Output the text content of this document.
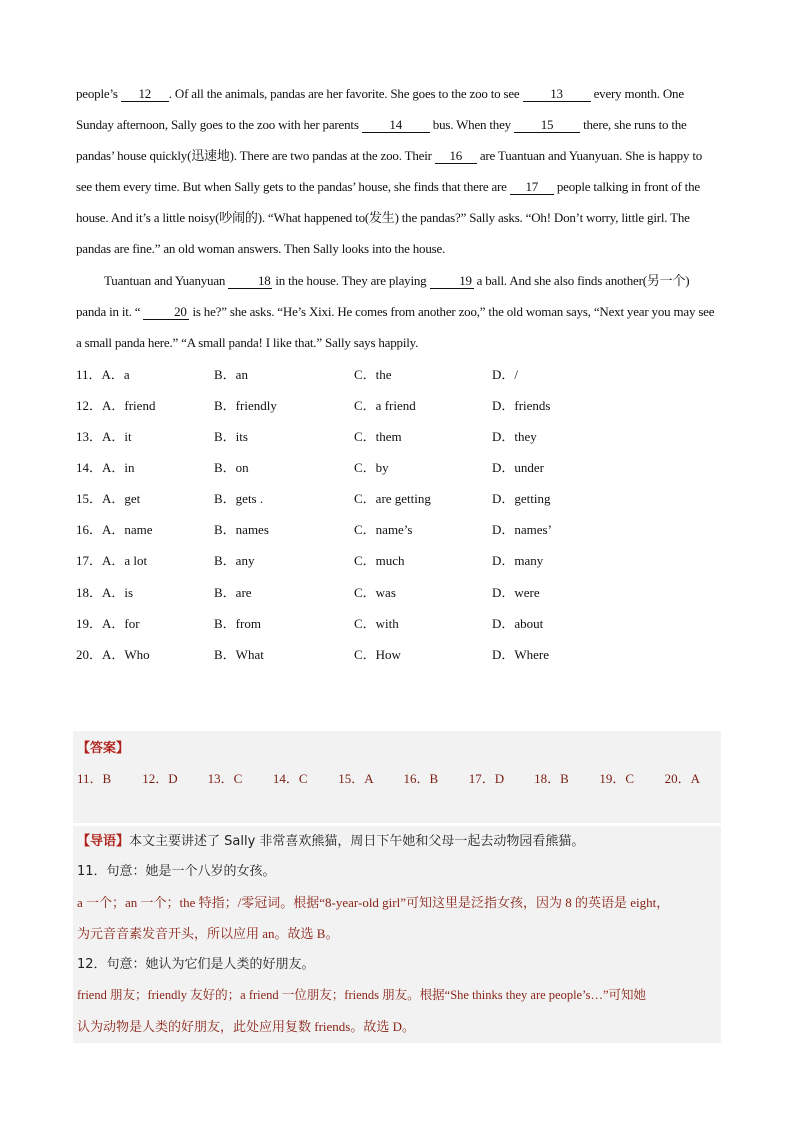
people’s 12 . Of all the animals, pandas are her favorite. She goes to the zoo to see 13 every month. One Sunday afternoon, Sally goes to the zoo with her parents 14 bus. When they 15 there, she runs to the pandas’ house quickly(迅速地). There are two pandas at the zoo. Their 16 are Tuantuan and Yuanyuan. She is happy to see them every time. But when Sally gets to the pandas’ house, she finds that there are 17 people talking in front of the house. And it’s a little noisy(吵闹的). “What happened to(发生) the pandas?” Sally asks. “Oh! Don’t worry, little girl. The pandas are fine.” an old woman answers. Then Sally looks into the house.

Tuantuan and Yuanyuan 18 in the house. They are playing 19 a ball. And she also finds another(另一个) panda in it. “ 20 is he?” she asks. “He’s Xixi. He comes from another zoo,” the old woman says, “Next year you may see a small panda here.” “A small panda! I like that.” Sally says happily.

11．A．a	B．an	C．the	D．/
12．A．friend	B．friendly	C．a friend	D．friends
13．A．it	B．its	C．them	D．they
14．A．in	B．on	C．by	D．under
15．A．get	B．gets .	C．are getting	D．getting
16．A．name	B．names	C．name’s	D．names’
17．A．a lot	B．any	C．much	D．many
18．A．is	B．are	C．was	D．were
19．A．for	B．from	C．with	D．about
20．A．Who	B．What	C．How	D．Where
【答案】
11．B	12．D	13．C	14．C	15．A	16．B	17．D	18．B	19．C	20．A
【导语】本文主要讲述了 Sally 非常喜欢熊猫，周日下午她和父母一起去动物园看熊猫。
11．句意：她是一个八岁的女孩。
a 一个；an 一个；the 特指；/零冠词。根据“8-year-old girl”可知这里是泛指女孩，因为 8 的英语是 eight，
为元音音素发音开头，所以应用 an。故选 B。
12．句意：她认为它们是人类的好朋友。
friend 朋友；friendly 友好的；a friend 一位朋友；friends 朋友。根据“She thinks they are people’s…”可知她
认为动物是人类的好朋友，此处应用复数 friends。故选 D。
